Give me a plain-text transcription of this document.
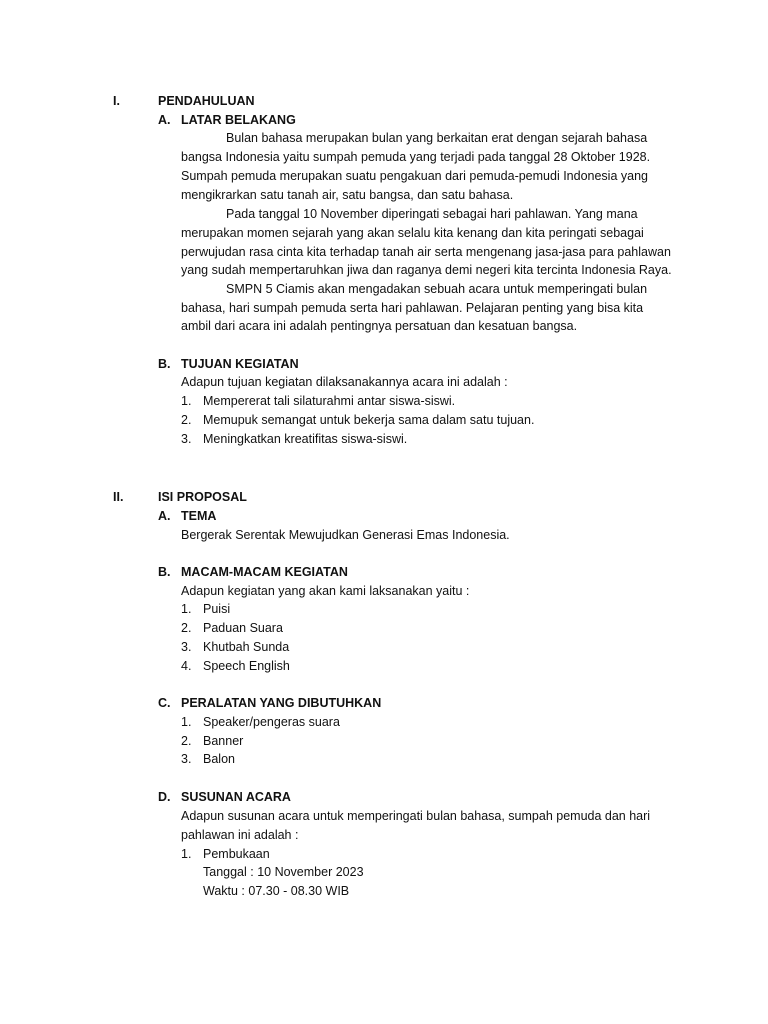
I.	PENDAHULUAN
A. LATAR BELAKANG
Bulan bahasa merupakan bulan yang berkaitan erat dengan sejarah bahasa
bangsa Indonesia yaitu sumpah pemuda yang terjadi pada tanggal 28 Oktober 1928.
Sumpah pemuda merupakan suatu pengakuan dari pemuda-pemudi Indonesia yang
mengikrarkan satu tanah air, satu bangsa, dan satu bahasa.
Pada tanggal 10 November diperingati sebagai hari pahlawan. Yang mana
merupakan momen sejarah yang akan selalu kita kenang dan kita peringati sebagai
perwujudan rasa cinta kita terhadap tanah air serta mengenang jasa-jasa para pahlawan
yang sudah mempertaruhkan jiwa dan raganya demi negeri kita tercinta Indonesia Raya.
SMPN 5 Ciamis akan mengadakan sebuah acara untuk memperingati bulan
bahasa, hari sumpah pemuda serta hari pahlawan. Pelajaran penting yang bisa kita
ambil dari acara ini adalah pentingnya persatuan dan kesatuan bangsa.
B. TUJUAN KEGIATAN
Adapun tujuan kegiatan dilaksanakannya acara ini adalah :
1. Mempererat tali silaturahmi antar siswa-siswi.
2. Memupuk semangat untuk bekerja sama dalam satu tujuan.
3. Meningkatkan kreatifitas siswa-siswi.
II.	ISI PROPOSAL
A. TEMA
Bergerak Serentak Mewujudkan Generasi Emas Indonesia.
B. MACAM-MACAM KEGIATAN
Adapun kegiatan yang akan kami laksanakan yaitu :
1. Puisi
2. Paduan Suara
3. Khutbah Sunda
4. Speech English
C. PERALATAN YANG DIBUTUHKAN
1. Speaker/pengeras suara
2. Banner
3. Balon
D. SUSUNAN ACARA
Adapun susunan acara untuk memperingati bulan bahasa, sumpah pemuda dan hari
pahlawan ini adalah :
1. Pembukaan
Tanggal : 10 November 2023
Waktu : 07.30 - 08.30 WIB
